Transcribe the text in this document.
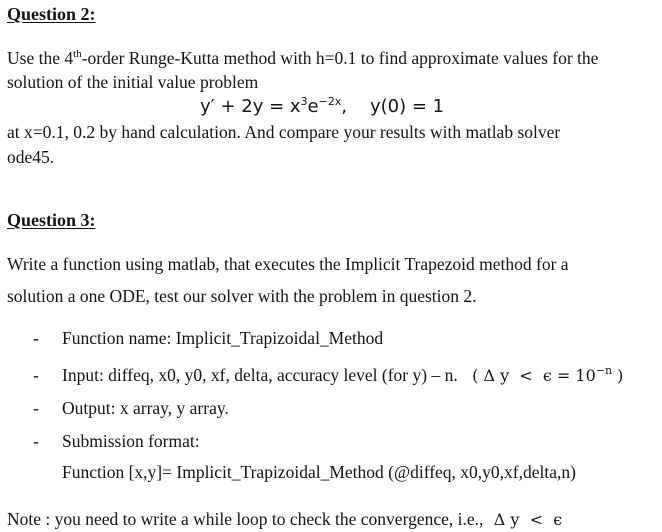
Question 2:
Use the 4th-order Runge-Kutta method with h=0.1 to find approximate values for the
solution of the initial value problem
$y' + 2y = x^3e^{-2x}$,    y(0) = 1
at x=0.1, 0.2 by hand calculation. And compare your results with matlab solver
ode45.
Question 3:
Write a function using matlab, that executes the Implicit Trapezoid method for a
solution a one ODE, test our solver with the problem in question 2.
- Function name: Implicit_Trapizoidal_Method
- Input: diffeq, x0, y0, xf, delta, accuracy level (for y) – n. ( Δ $y < \epsilon = 10^{-n}$ )
- Output: x array, y array.
- Submission format:
Function [x,y]= Implicit_Trapizoidal_Method (@diffeq, x0,y0,xf,delta,n)
Note : you need to write a while loop to check the convergence, i.e., Δ y  <  ϵ
